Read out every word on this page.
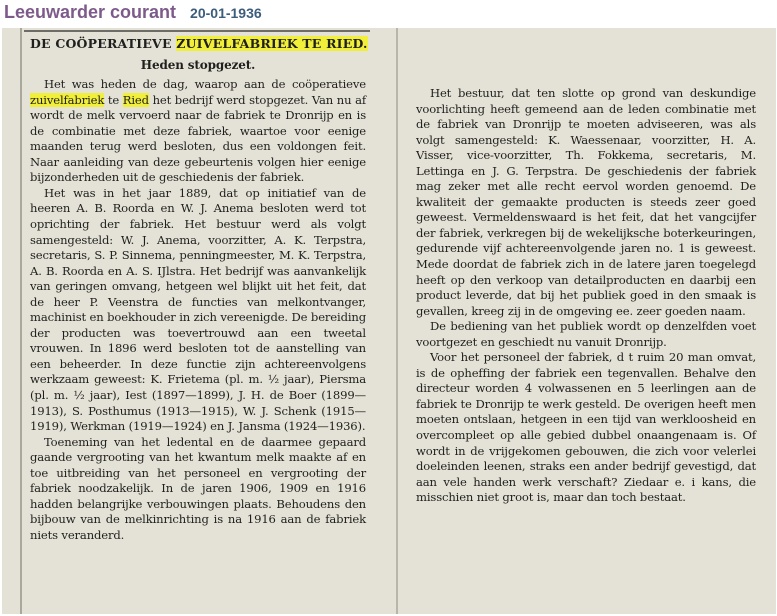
Leeuwarder courant 20-01-1936
DE COÖPERATIEVE ZUIVELFABRIEK TE RIED.
Heden stopgezet.

Het was heden de dag, waarop aan de coöperatieve zuivelfabriek te Ried het bedrijf werd stopgezet. Van nu af wordt de melk vervoerd naar de fabriek te Dronrijp en is de combinatie met deze fabriek, waartoe voor eenige maanden terug werd besloten, dus een voldongen feit. Naar aanleiding van deze gebeurtenis volgen hier eenige bijzonderheden uit de geschiedenis der fabriek.

Het was in het jaar 1889, dat op initiatief van de heeren A. B. Roorda en W. J. Anema besloten werd tot oprichting der fabriek. Het bestuur werd als volgt samengesteld: W. J. Anema, voorzitter, A. K. Terpstra, secretaris, S. P. Sinnema, penningmeester, M. K. Terpstra, A. B. Roorda en A. S. IJlstra. Het bedrijf was aanvankelijk van geringen omvang, hetgeen wel blijkt uit het feit, dat de heer P. Veenstra de functies van melkontvanger, machinist en boekhouder in zich vereenigde. De bereiding der producten was toevertrouwd aan een tweetal vrouwen. In 1896 werd besloten tot de aanstelling van een beheerder. In deze functie zijn achtereenvolgens werkzaam geweest: K. Frietema (pl. m. ½ jaar), Piersma (pl. m. ½ jaar), Iest (1897—1899), J. H. de Boer (1899—1913), S. Posthumus (1913—1915), W. J. Schenk (1915—1919), Werkman (1919—1924) en J. Jansma (1924—1936).

Toeneming van het ledental en de daarmee gepaard gaande vergrooting van het kwantum melk maakte af en toe uitbreiding van het personeel en vergrooting der fabriek noodzakelijk. In de jaren 1906, 1909 en 1916 hadden belangrijke verbouwingen plaats. Behoudens den bijbouw van de melkinrichting is na 1916 aan de fabriek niets veranderd.

Het bestuur, dat ten slotte op grond van deskundige voorlichting heeft gemeend aan de leden combinatie met de fabriek van Dronrijp te moeten adviseeren, was als volgt samengesteld: K. Waessenaar, voorzitter, H. A. Visser, vice-voorzitter, Th. Fokkema, secretaris, M. Lettinga en J. G. Terpstra. De geschiedenis der fabriek mag zeker met alle recht eervol worden genoemd. De kwaliteit der gemaakte producten is steeds zeer goed geweest. Vermeldenswaard is het feit, dat het vangcijfer der fabriek, verkregen bij de wekelijksche boterkeuringen, gedurende vijf achtereenvolgende jaren no. 1 is geweest. Mede doordat de fabriek zich in de latere jaren toegelegd heeft op den verkoop van detailproducten en daarbij een product leverde, dat bij het publiek goed in den smaak is gevallen, kreeg zij in de omgeving ee. zeer goeden naam.

De bediening van het publiek wordt op denzelfden voet voortgezet en geschiedt nu vanuit Dronrijp.

Voor het personeel der fabriek, d t ruim 20 man omvat, is de opheffing der fabriek een tegenvallen. Behalve den directeur worden 4 volwassenen en 5 leerlingen aan de fabriek te Dronrijp te werk gesteld. De overigen heeft men moeten ontslaan, hetgeen in een tijd van werkloosheid en overcompleet op alle gebied dubbel onaangenaam is. Of wordt in de vrijgekomen gebouwen, die zich voor velerlei doeleinden leenen, straks een ander bedrijf gevestigd, dat aan vele handen werk verschaft? Ziedaar e. i kans, die misschien niet groot is, maar dan toch bestaat.
